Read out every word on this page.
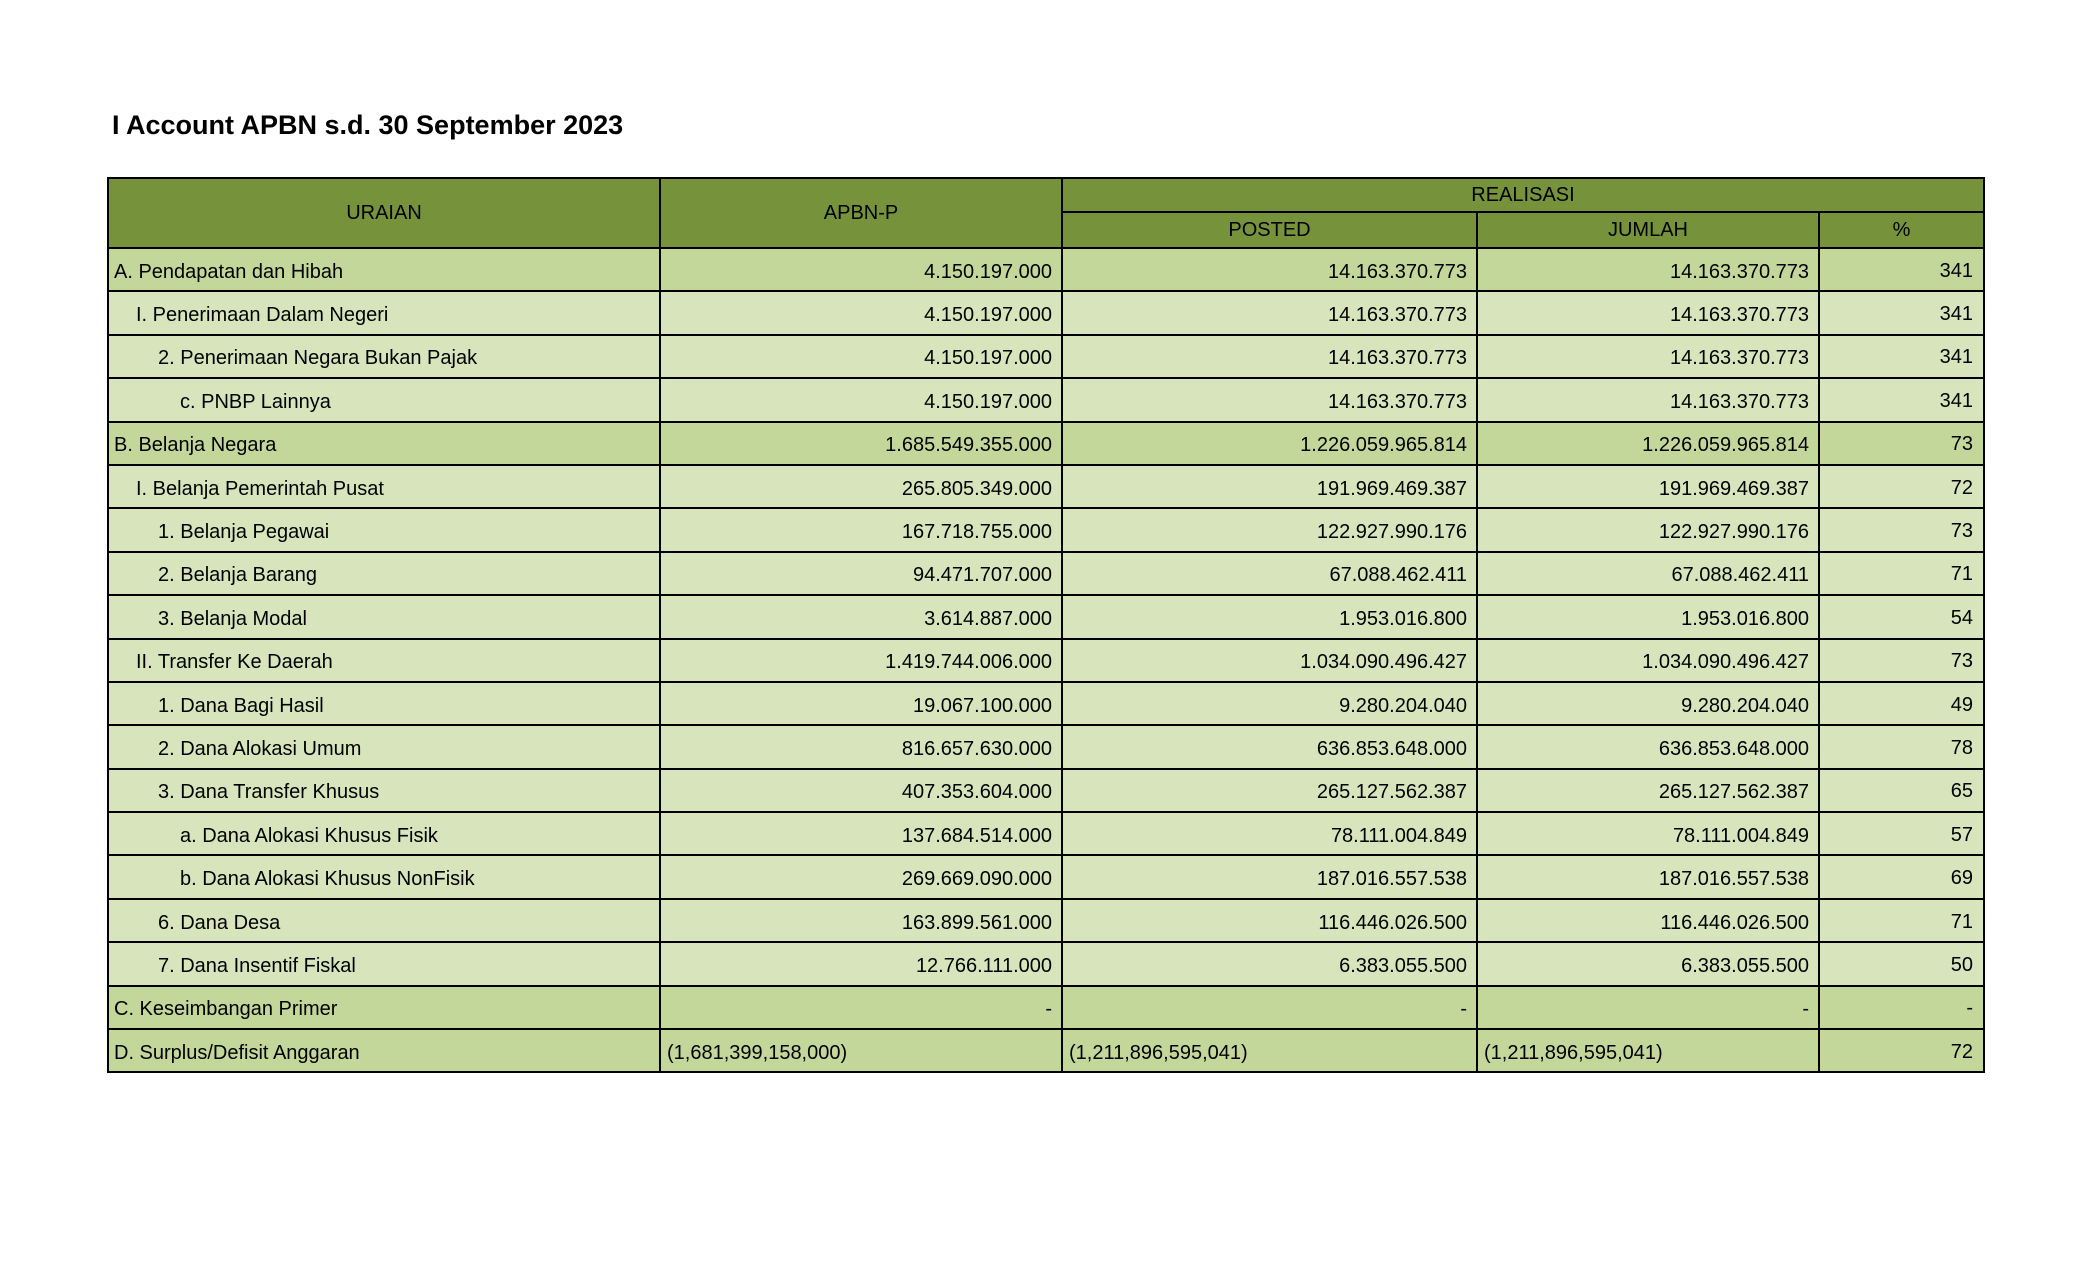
I Account APBN s.d. 30 September 2023
URAIAN	APBN-P	REALISASI		
		POSTED	JUMLAH	%
A. Pendapatan dan Hibah	4.150.197.000	14.163.370.773	14.163.370.773	341
I. Penerimaan Dalam Negeri	4.150.197.000	14.163.370.773	14.163.370.773	341
2. Penerimaan Negara Bukan Pajak	4.150.197.000	14.163.370.773	14.163.370.773	341
c. PNBP Lainnya	4.150.197.000	14.163.370.773	14.163.370.773	341
B. Belanja Negara	1.685.549.355.000	1.226.059.965.814	1.226.059.965.814	73
I. Belanja Pemerintah Pusat	265.805.349.000	191.969.469.387	191.969.469.387	72
1. Belanja Pegawai	167.718.755.000	122.927.990.176	122.927.990.176	73
2. Belanja Barang	94.471.707.000	67.088.462.411	67.088.462.411	71
3. Belanja Modal	3.614.887.000	1.953.016.800	1.953.016.800	54
II. Transfer Ke Daerah	1.419.744.006.000	1.034.090.496.427	1.034.090.496.427	73
1. Dana Bagi Hasil	19.067.100.000	9.280.204.040	9.280.204.040	49
2. Dana Alokasi Umum	816.657.630.000	636.853.648.000	636.853.648.000	78
3. Dana Transfer Khusus	407.353.604.000	265.127.562.387	265.127.562.387	65
a. Dana Alokasi Khusus Fisik	137.684.514.000	78.111.004.849	78.111.004.849	57
b. Dana Alokasi Khusus NonFisik	269.669.090.000	187.016.557.538	187.016.557.538	69
6. Dana Desa	163.899.561.000	116.446.026.500	116.446.026.500	71
7. Dana Insentif Fiskal	12.766.111.000	6.383.055.500	6.383.055.500	50
C. Keseimbangan Primer	-	-	-	-
D. Surplus/Defisit Anggaran	(1,681,399,158,000)	(1,211,896,595,041)	(1,211,896,595,041)	72
